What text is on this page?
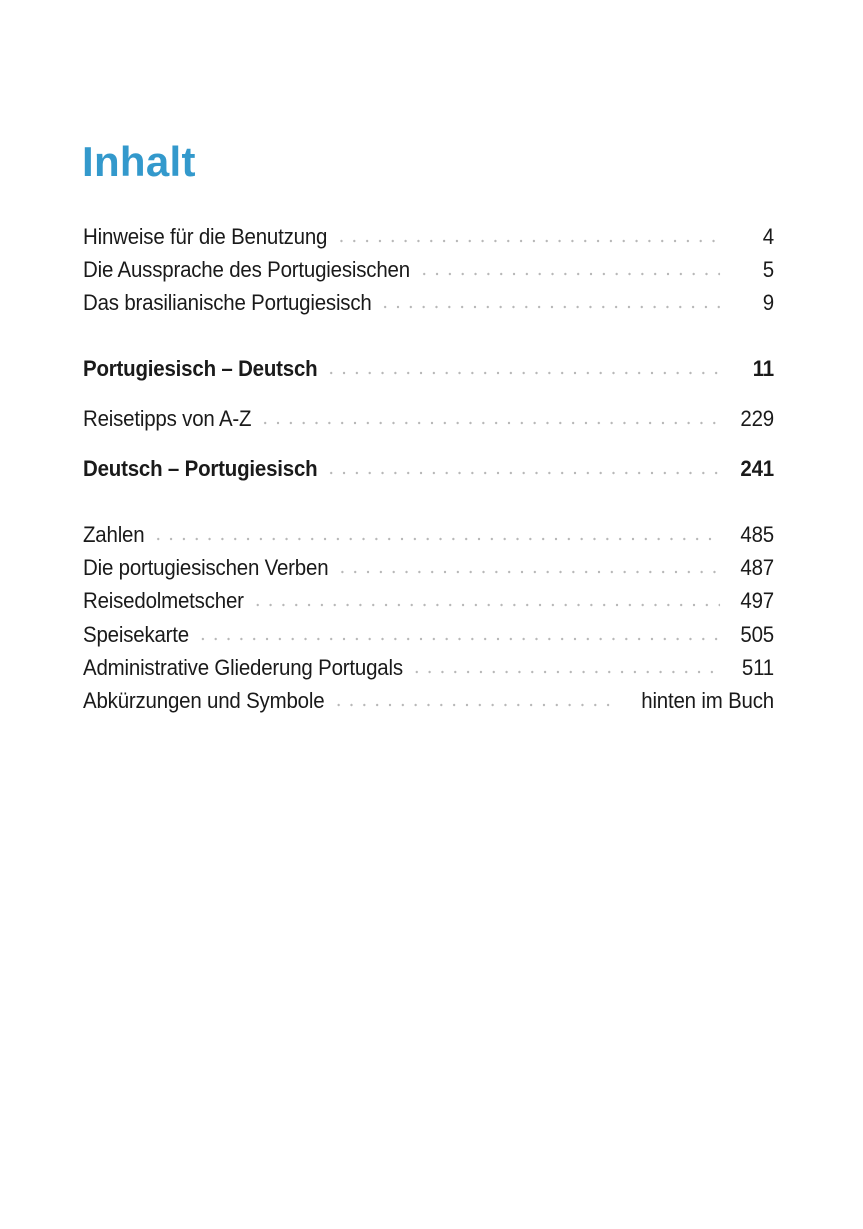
Inhalt
Hinweise für die Benutzung	4
Die Aussprache des Portugiesischen	5
Das brasilianische Portugiesisch	9
Portugiesisch – Deutsch	11
Reisetipps von A-Z	229
Deutsch – Portugiesisch	241
Zahlen	485
Die portugiesischen Verben	487
Reisedolmetscher	497
Speisekarte	505
Administrative Gliederung Portugals	511
Abkürzungen und Symbole	hinten im Buch
